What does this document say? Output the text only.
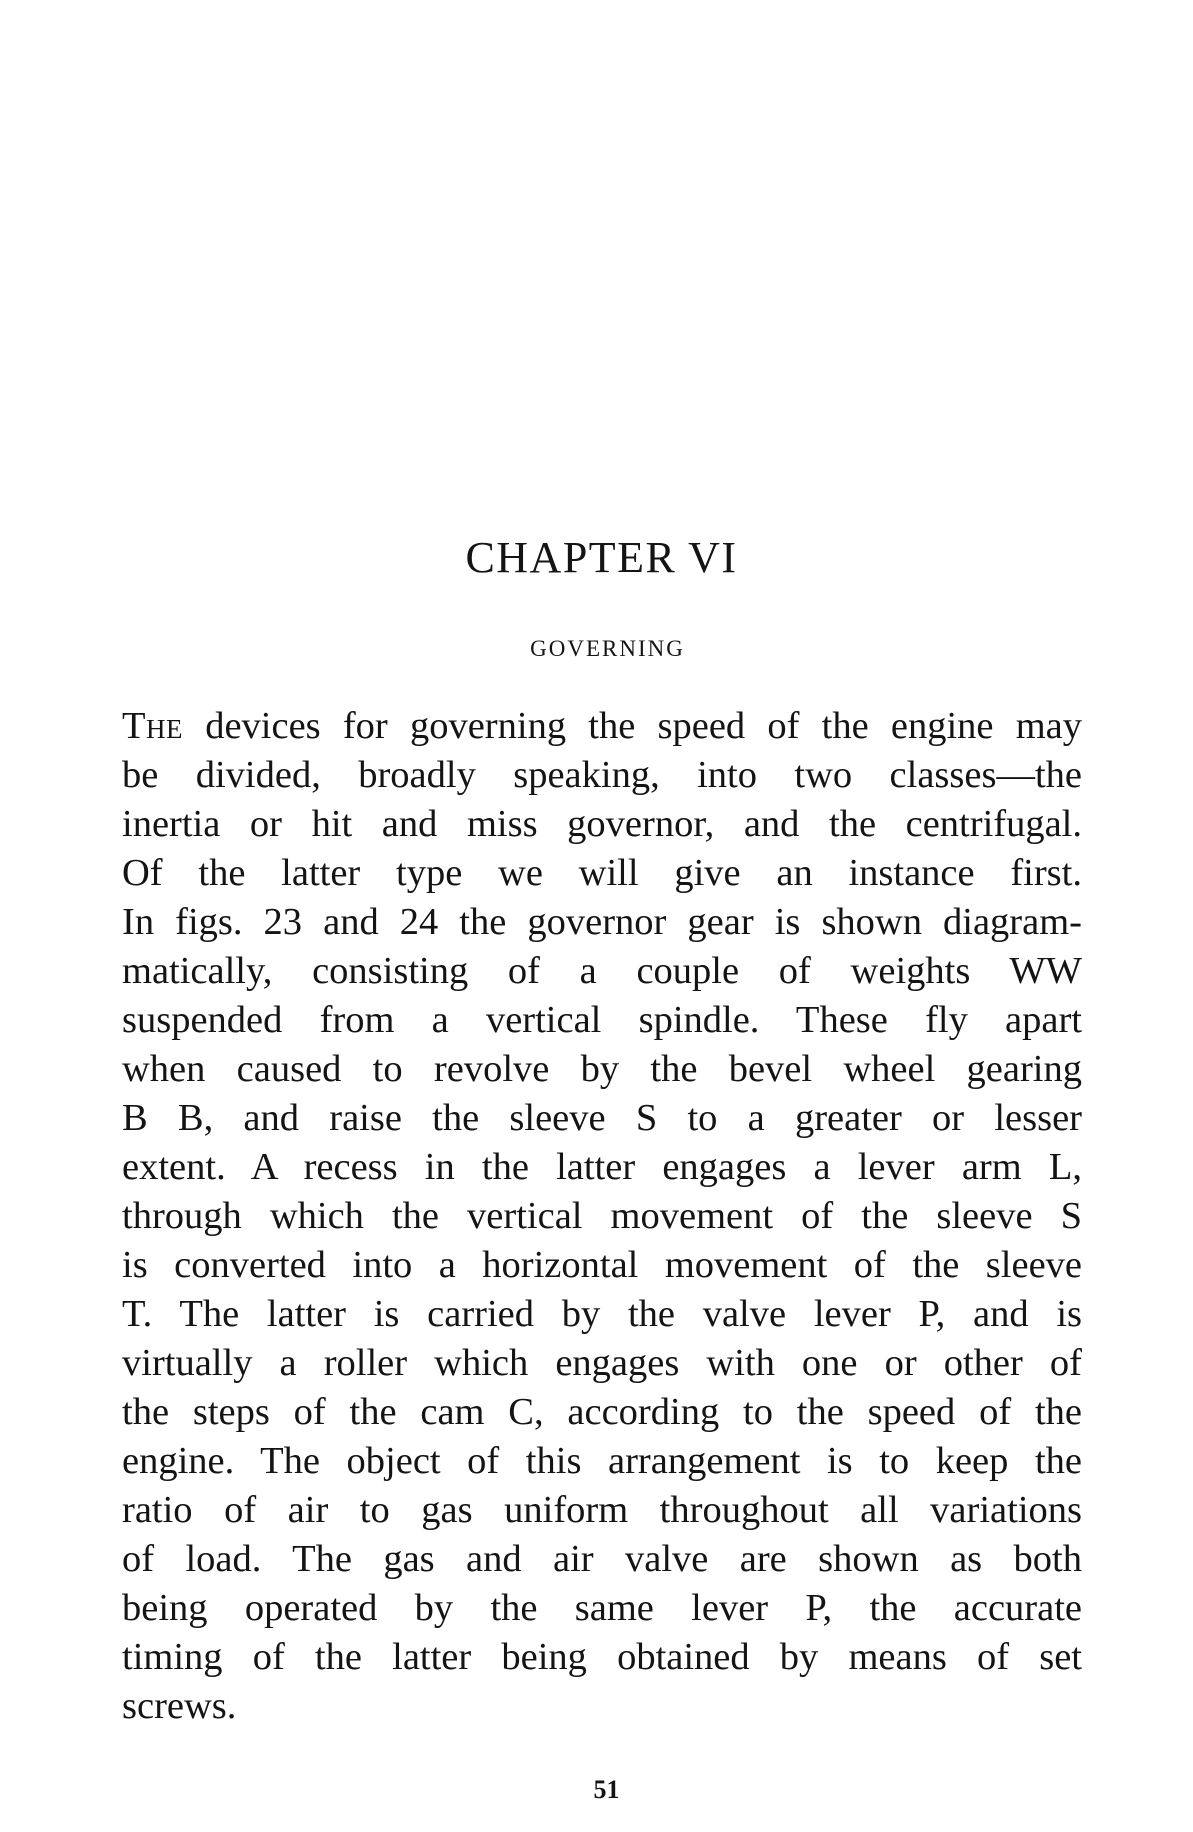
CHAPTER VI
GOVERNING
The devices for governing the speed of the engine may
be divided, broadly speaking, into two classes—the
inertia or hit and miss governor, and the centrifugal.
Of the latter type we will give an instance first.
In figs. 23 and 24 the governor gear is shown diagram-
matically, consisting of a couple of weights WW
suspended from a vertical spindle. These fly apart
when caused to revolve by the bevel wheel gearing
B B, and raise the sleeve S to a greater or lesser
extent. A recess in the latter engages a lever arm L,
through which the vertical movement of the sleeve S
is converted into a horizontal movement of the sleeve
T. The latter is carried by the valve lever P, and is
virtually a roller which engages with one or other of
the steps of the cam C, according to the speed of the
engine. The object of this arrangement is to keep the
ratio of air to gas uniform throughout all variations
of load. The gas and air valve are shown as both
being operated by the same lever P, the accurate
timing of the latter being obtained by means of set
screws.
51
